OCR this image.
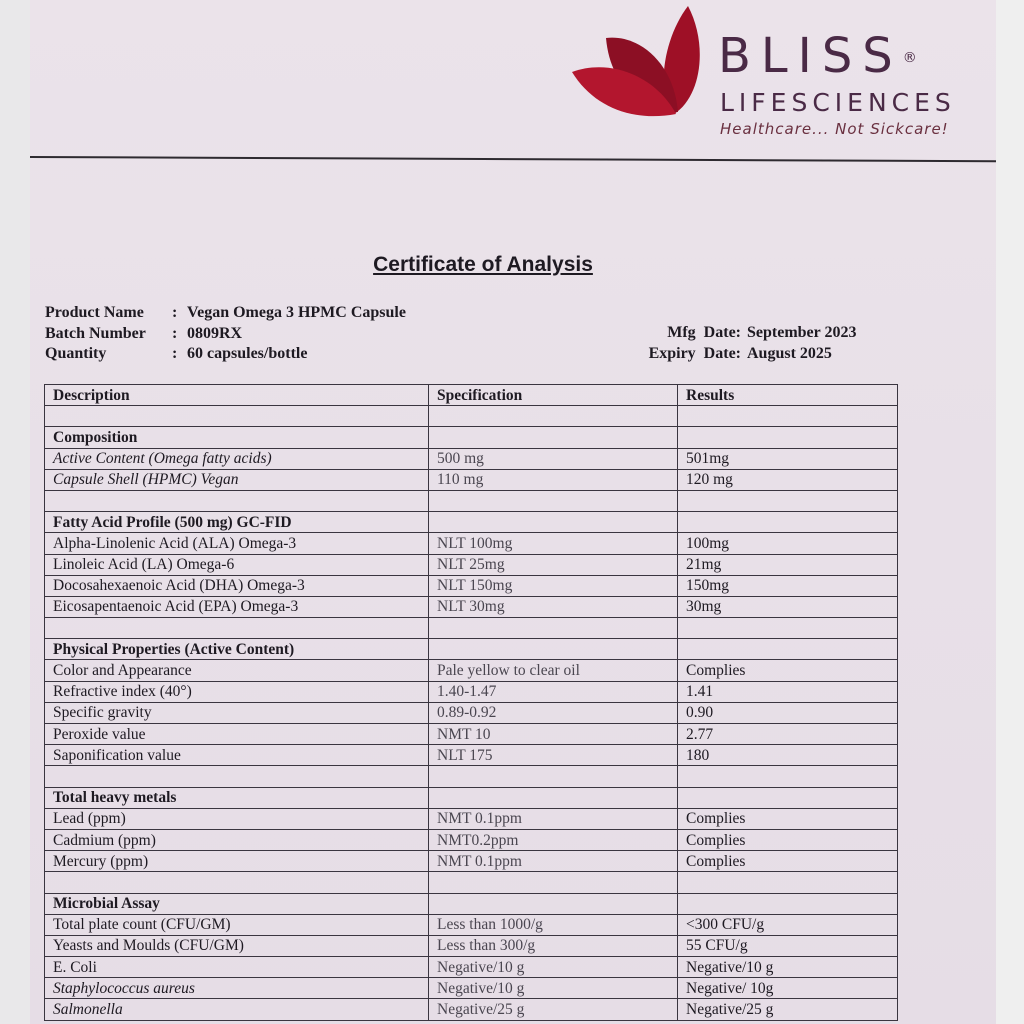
BLISS®
LIFESCIENCES
Healthcare... Not Sickcare!
Certificate of Analysis
Product Name	: Vegan Omega 3 HPMC Capsule
Batch Number	: 0809RX
Quantity	: 60 capsules/bottle
Mfg  Date: September 2023
Expiry  Date: August 2025
Description	Specification	Results

Composition		
Active Content (Omega fatty acids)	500 mg	501mg
Capsule Shell (HPMC) Vegan	110 mg	120 mg

Fatty Acid Profile (500 mg) GC-FID		
Alpha-Linolenic Acid (ALA) Omega-3	NLT 100mg	100mg
Linoleic Acid (LA) Omega-6	NLT 25mg	21mg
Docosahexaenoic Acid (DHA) Omega-3	NLT 150mg	150mg
Eicosapentaenoic Acid (EPA) Omega-3	NLT 30mg	30mg

Physical Properties (Active Content)		
Color and Appearance	Pale yellow to clear oil	Complies
Refractive index (40°)	1.40-1.47	1.41
Specific gravity	0.89-0.92	0.90
Peroxide value	NMT 10	2.77
Saponification value	NLT 175	180

Total heavy metals		
Lead (ppm)	NMT 0.1ppm	Complies
Cadmium (ppm)	NMT0.2ppm	Complies
Mercury (ppm)	NMT 0.1ppm	Complies

Microbial Assay		
Total plate count (CFU/GM)	Less than 1000/g	<300 CFU/g
Yeasts and Moulds (CFU/GM)	Less than 300/g	55 CFU/g
E. Coli	Negative/10 g	Negative/10 g
Staphylococcus aureus	Negative/10 g	Negative/ 10g
Salmonella	Negative/25 g	Negative/25 g
